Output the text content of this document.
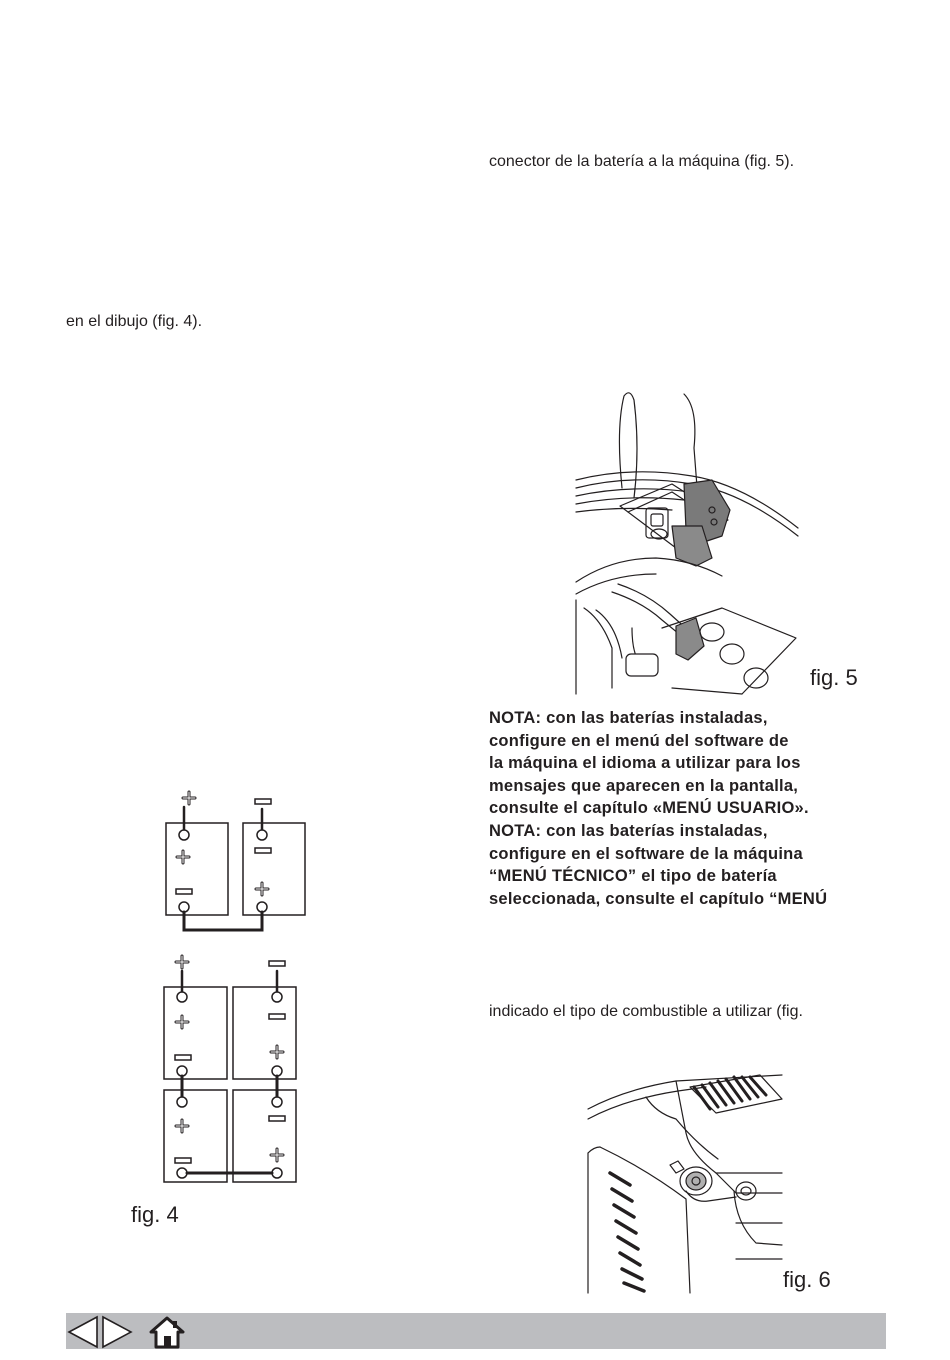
conector de la batería a la máquina (fig. 5).
en el dibujo (fig. 4).
indicado el tipo de combustible a utilizar (fig.
NOTA: con las baterías instaladas,
configure en el menú del software de
la máquina el idioma a utilizar para los
mensajes que aparecen en la pantalla,
consulte el capítulo «MENÚ USUARIO».
NOTA: con las baterías instaladas,
configure en el software de la máquina
“MENÚ TÉCNICO” el tipo de batería
seleccionada, consulte el capítulo “MENÚ
fig. 5
fig. 4
fig. 6
